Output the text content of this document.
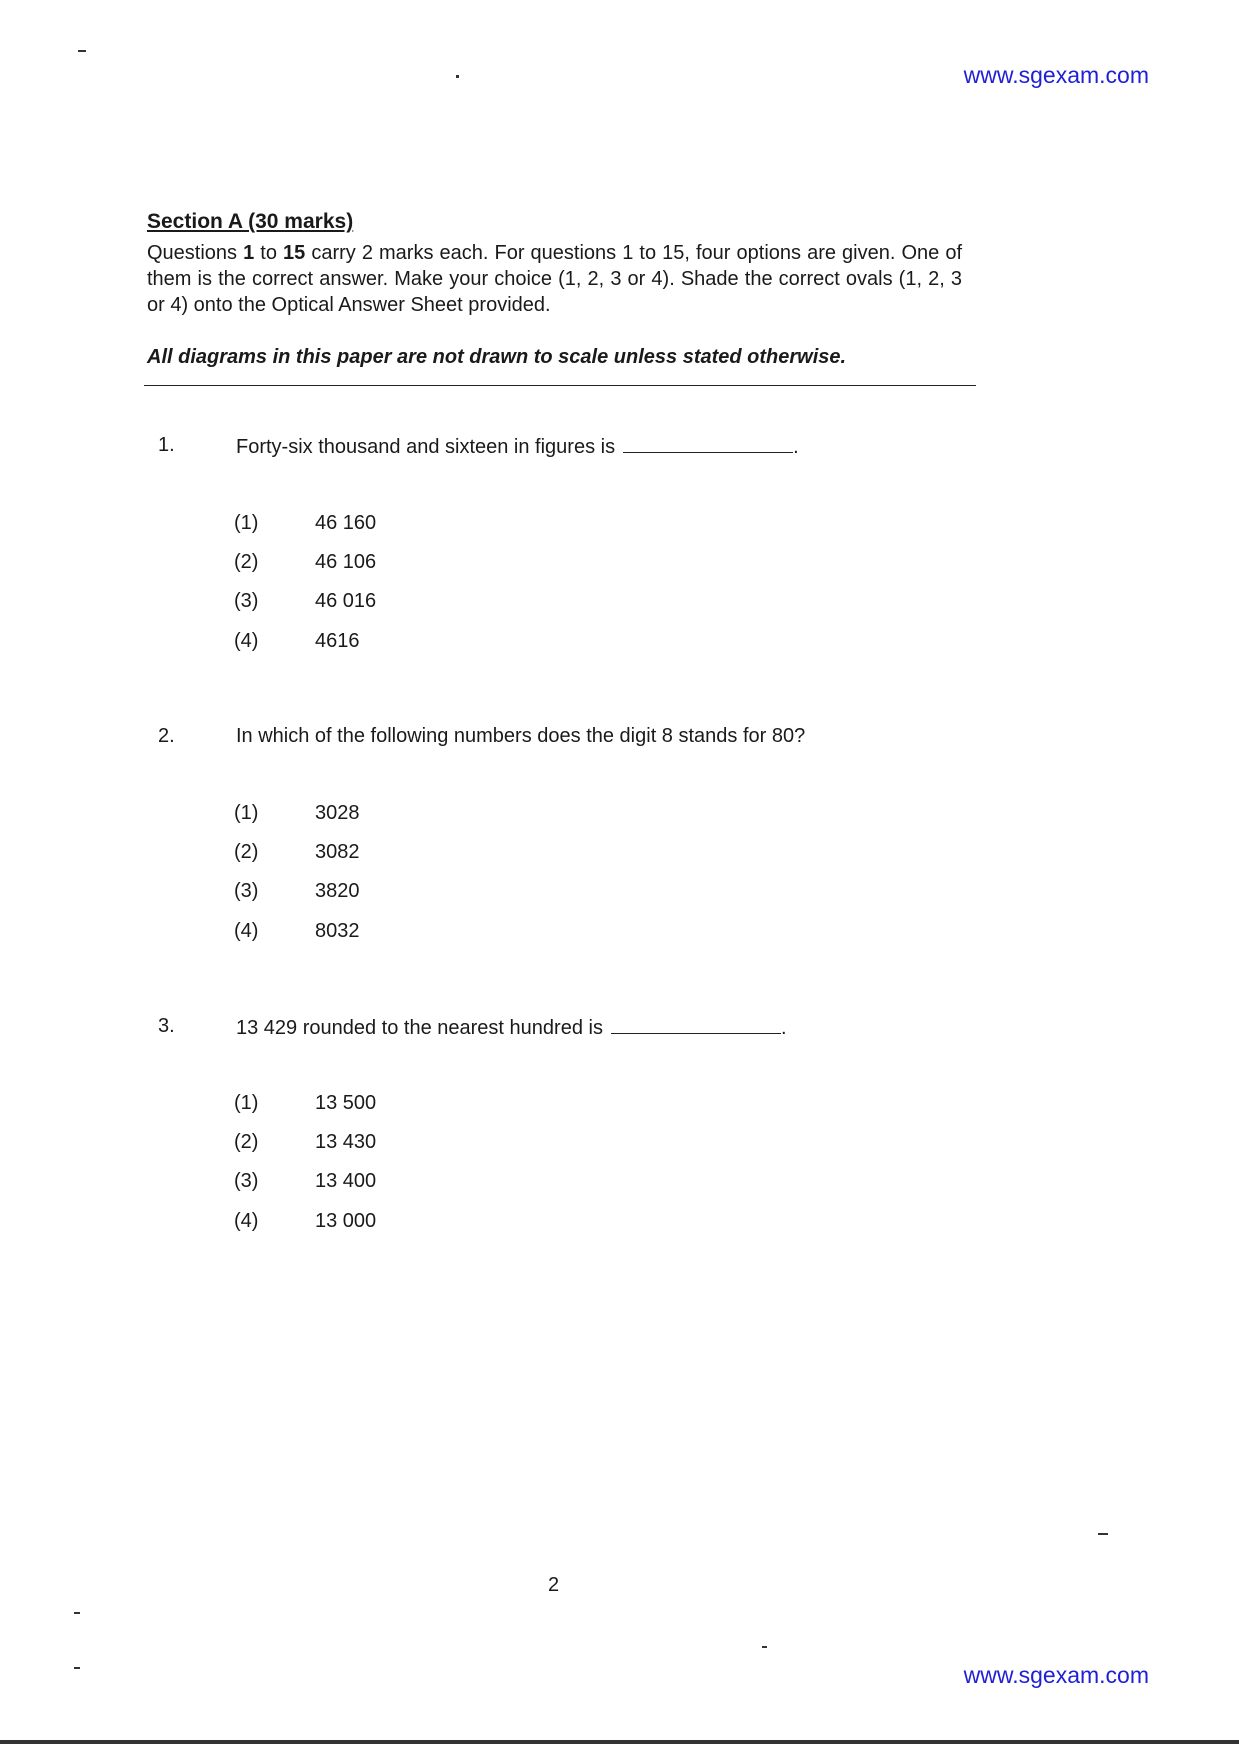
www.sgexam.com
Section A (30 marks)
Questions 1 to 15 carry 2 marks each. For questions 1 to 15, four options are given. One of them is the correct answer. Make your choice (1, 2, 3 or 4). Shade the correct ovals (1, 2, 3 or 4) onto the Optical Answer Sheet provided.
All diagrams in this paper are not drawn to scale unless stated otherwise.
1.	Forty-six thousand and sixteen in figures is	.
(1)	46 160
(2)	46 106
(3)	46 016
(4)	4616
2.	In which of the following numbers does the digit 8 stands for 80?
(1)	3028
(2)	3082
(3)	3820
(4)	8032
3.	13 429 rounded to the nearest hundred is	.
(1)	13 500
(2)	13 430
(3)	13 400
(4)	13 000
2
www.sgexam.com
